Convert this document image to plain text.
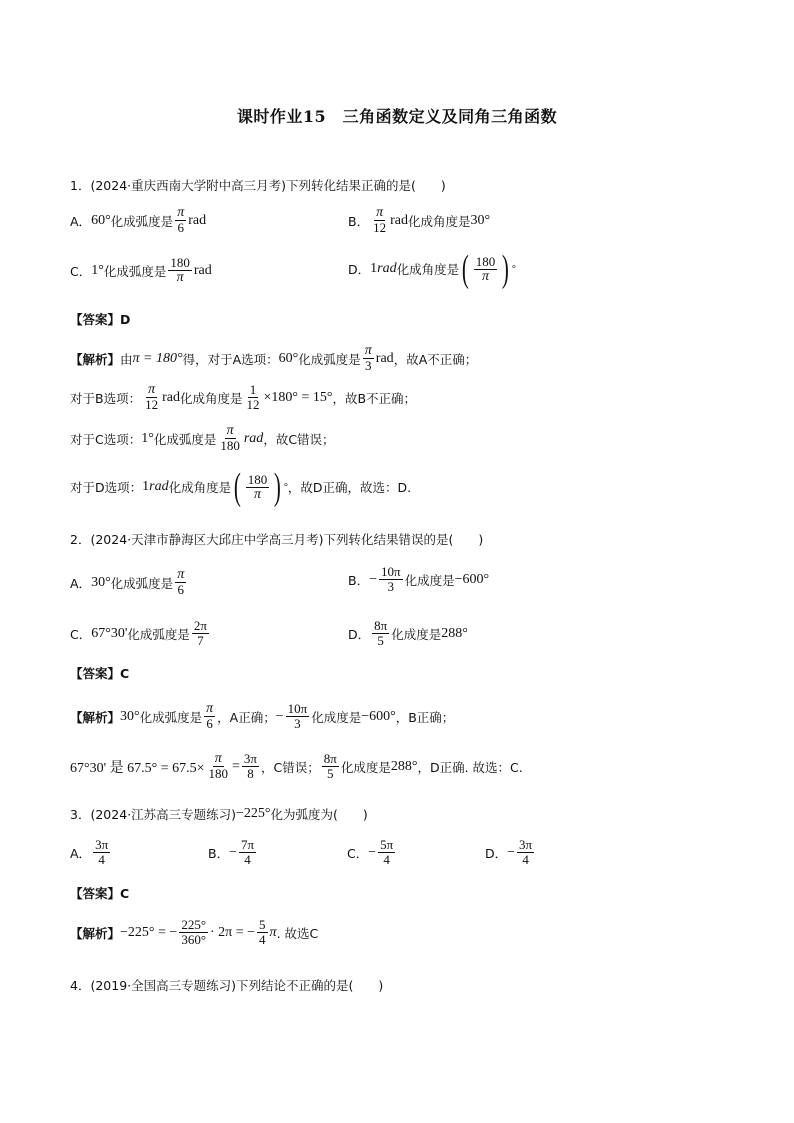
课时作业15　三角函数定义及同角三角函数
1．(2024·重庆西南大学附中高三月考)下列转化结果正确的是(　　)
A． 60° 化成弧度是 $\frac{\pi}{6}$ rad	B． $\frac{\pi}{12}$ rad 化成角度是 30°
C． 1° 化成弧度是 $\frac{180}{\pi}$ rad	D． 1 rad 化成角度是 ( $\frac{180}{\pi}$ ) °
【答案】D
【解析】 由 π = 180° 得，对于A选项： 60° 化成弧度是 $\frac{\pi}{3}$ rad ，故A不正确；
对于B选项： $\frac{\pi}{12}$ rad 化成角度是 $\frac{1}{12} \times 180^\circ = 15^\circ$ ，故B不正确；
对于C选项： 1° 化成弧度是 $\frac{\pi}{180}$ rad ，故C错误；
对于D选项： 1 rad 化成角度是 ( $\frac{180}{\pi}$ ) ° ，故D正确，故选：D.
2．(2024·天津市静海区大邱庄中学高三月考)下列转化结果错误的是(　　)
A． 30° 化成弧度是 $\frac{\pi}{6}$	B． − $\frac{10\pi}{3}$ 化成度是 −600°
C． 67°30' 化成弧度是 $\frac{2\pi}{7}$	D． $\frac{8\pi}{5}$ 化成度是 288°
【答案】C
【解析】 30° 化成弧度是 $\frac{\pi}{6}$ ，A正确； − $\frac{10\pi}{3}$ 化成度是 −600° ，B正确；
67°30' 是 $67.5^\circ = 67.5\times \frac{\pi}{180} = \frac{3\pi}{8}$ ，C错误； $\frac{8\pi}{5}$ 化成度是 288° ，D正确. 故选：C.
3．(2024·江苏高三专题练习) −225° 化为弧度为(　　)
A． $\frac{3\pi}{4}$	B． − $\frac{7\pi}{4}$	C． − $\frac{5\pi}{4}$	D． − $\frac{3\pi}{4}$
【答案】C
【解析】 −225° = − $\frac{225^\circ}{360^\circ} \cdot 2\pi$ = − $\frac{5}{4}$ π . 故选C
4．(2019·全国高三专题练习)下列结论不正确的是(　　)
